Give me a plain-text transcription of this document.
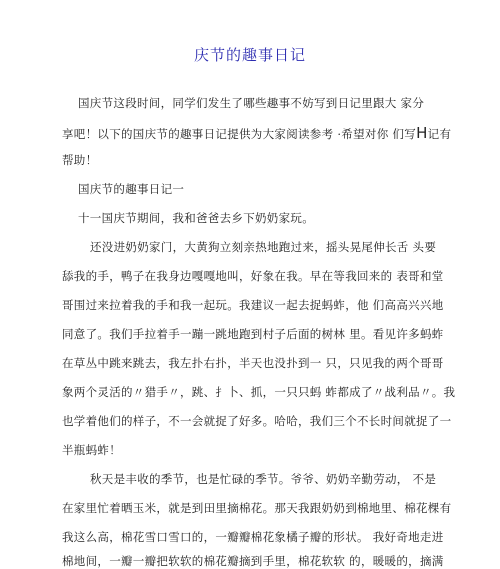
庆节的趣事日记
国庆节这段时间，同学们发生了哪些趣事不妨写到日记里跟大 家分
享吧！以下的国庆节的趣事日记提供为大家阅读参考 ·希望对你 们写H记有
帮助！
国庆节的趣事日记一
十一国庆节期间，我和爸爸去乡下奶奶家玩。
还没进奶奶家门，大黄狗立刻亲热地跑过来，摇头晃尾伸长舌 头要
舔我的手，鸭子在我身边嘎嘎地叫，好象在我。早在等我回来的 表哥和堂
哥围过来拉着我的手和我一起玩。我建议一起去捉蚂蚱，他 们高高兴兴地
同意了。我们手拉着手一蹦一跳地跑到村子后面的树林 里。看见许多蚂蚱
在草丛中跳来跳去，我左扑右扑，半天也没扑到一 只，只见我的两个哥哥
象两个灵活的〃猎手〃，跳、扌卜、抓，一只只蚂 蚱都成了〃战利品〃。我
也学着他们的样子，不一会就捉了好多。哈哈，我们三个不长时间就捉了一
半瓶蚂蚱！
秋天是丰收的季节，也是忙碌的季节。爷爷、奶奶辛勤劳动， 不是
在家里忙着晒玉米，就是到田里摘棉花。那天我跟奶奶到棉地里、棉花棵有
我这么高，棉花雪口雪口的，一瓣瓣棉花象橘子瓣的形状。 我好奇地走进
棉地间，一瓣一瓣把软软的棉花瓣摘到手里，棉花软软 的，暖暖的，摘满
